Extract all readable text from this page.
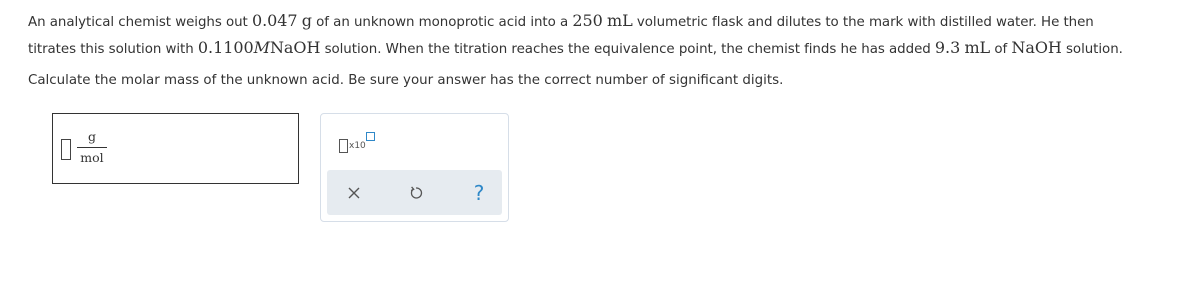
An analytical chemist weighs out 0.047 g of an unknown monoprotic acid into a 250 mL volumetric flask and dilutes to the mark with distilled water. He then
titrates this solution with 0.1100MNaOH solution. When the titration reaches the equivalence point, the chemist finds he has added 9.3 mL of NaOH solution.
Calculate the molar mass of the unknown acid. Be sure your answer has the correct number of significant digits.
g
mol
x10
?
